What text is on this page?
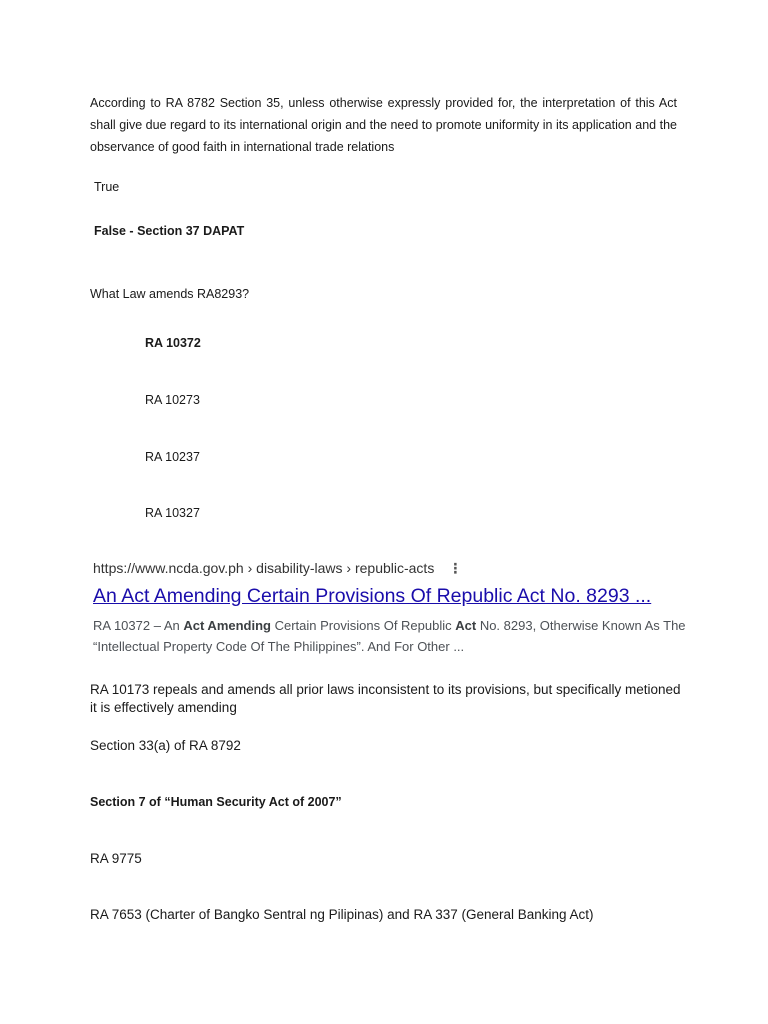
According to RA 8782 Section 35, unless otherwise expressly provided for, the interpretation of this Act shall give due regard to its international origin and the need to promote uniformity in its application and the observance of good faith in international trade relations
True
False - Section 37 DAPAT
What Law amends RA8293?
RA 10372
RA 10273
RA 10237
RA 10327
https://www.ncda.gov.ph › disability-laws › republic-acts ⋮
An Act Amending Certain Provisions Of Republic Act No. 8293 ...
RA 10372 – An Act Amending Certain Provisions Of Republic Act No. 8293, Otherwise Known As The “Intellectual Property Code Of The Philippines”. And For Other ...
RA 10173 repeals and amends all prior laws inconsistent to its provisions, but specifically metioned it is effectively amending
Section 33(a) of RA 8792
Section 7 of “Human Security Act of 2007”
RA 9775
RA 7653 (Charter of Bangko Sentral ng Pilipinas) and RA 337 (General Banking Act)
